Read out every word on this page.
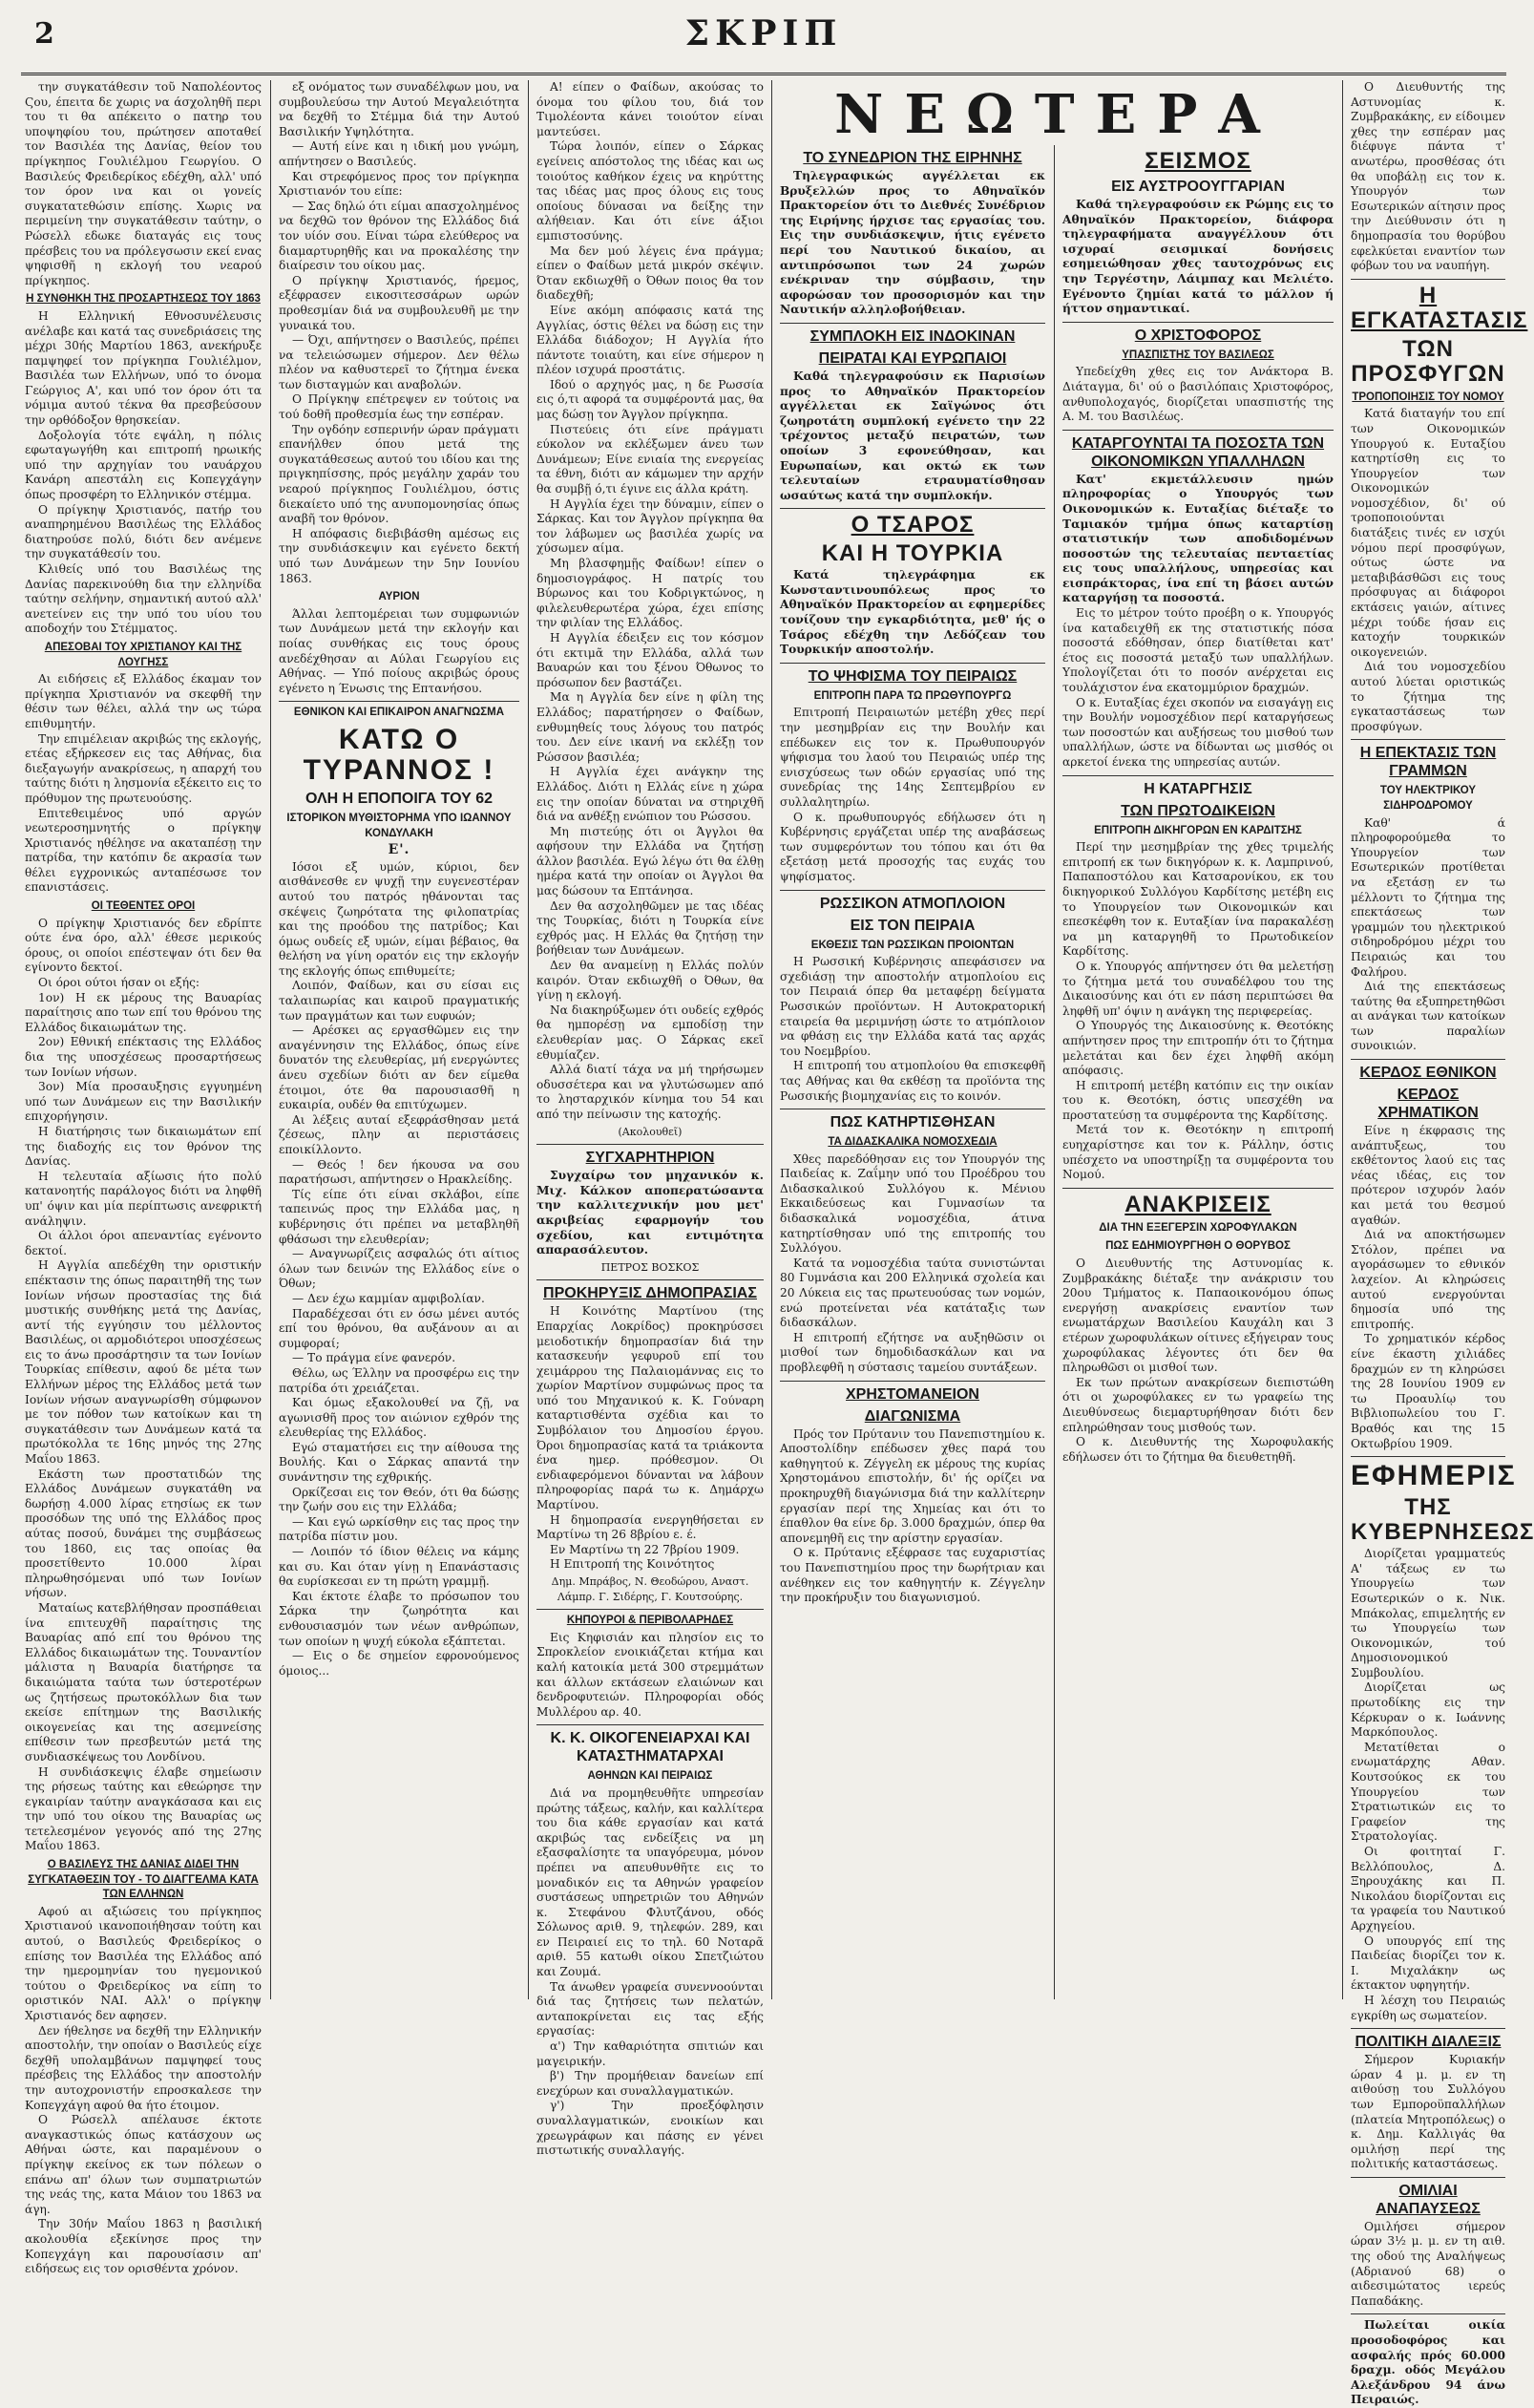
2	ΣΚΡΙΠ
ΝΕΩΤΕΡΑ

την συγκατάθεσιν τοῦ Ναπολέοντος Ϛου, έπειτα δε χωρις να άσχοληθῆ περι του τι θα απέκειτο ο πατηρ του υποψηφίου του, πρώτησεν αποταθεί τον Βασιλέα της Δανίας, θείον του πρίγκηπος Γουλιέλμου Γεωργίου. Ο Βασιλεύς Φρειδερίκος εδέχθη, αλλ' υπό τον όρον ινα και οι γονείς συγκατατεθώσιν επίσης. Χωρις να περιμείνη την συγκατάθεσιν ταύτην, ο Ρώσελλ εδωκε διαταγάς εις τους πρέσβεις του να πρόλεγσωσιν εκεί ενας ψηφισθῆ η εκλογή του νεαρού πρίγκηπος.

Η ΣΥΝΘΗΚΗ ΤΗΣ ΠΡΟΣΑΡΤΗΣΕΩΣ ΤΟΥ 1863

Η Ελληνική Εθνοσυνέλευσις ανέλαβε και κατά τας συνεδριάσεις της μέχρι 30ής Μαρτίου 1863, ανεκήρυξε παμψηφεί τον πρίγκηπα Γουλιέλμον, Βασιλέα των Ελλήνων, υπό το όνομα Γεώργιος Α', και υπό τον όρον ότι τα νόμιμα αυτού τέκνα θα πρεσβεύσουν την ορθόδοξον θρησκείαν.

Δοξολογία τότε εψάλη, η πόλις εφωταγωγήθη και επιτροπή ηρωικής υπό την αρχηγίαν του ναυάρχου Κανάρη απεστάλη εις Κοπεγχάγην όπως προσφέρη το Ελληνικόν στέμμα.

Ο πρίγκηψ Χριστιανός, πατήρ του αναπηρημένου Βασιλέως της Ελλάδος διατηρούσε πολύ, διότι δεν ανέμενε την συγκατάθεσίν του.

Κλιθείς υπό του Βασιλέως της Δανίας παρεκινούθη δια την ελληνίδα ταύτην σελήνην, σημαντική αυτού αλλ' ανετείνεν εις την υπό του υίου του αποδοχήν του Στέμματος.

ΑΠΕΣΟΒΑΙ ΤΟΥ ΧΡΙΣΤΙΑΝΟΥ ΚΑΙ ΤΗΣ ΛΟΥΓΗΣΣ

Αι ειδήσεις εξ Ελλάδος έκαμαν τον πρίγκηπα Χριστιανόν να σκεφθῆ την θέσιν των θέλει, αλλά την ως τώρα επιθυμητήν.

Την επιμέλειαν ακριβώς της εκλογής, ετέας εξήρκεσεν εις τας Αθήνας, δια διεξαγωγήν ανακρίσεως, η απαρχή του ταύτης διότι η λησμονία εξέκειτο εις το πρόθυμον της πρωτευούσης.

Επιτεθειμένος υπό αργών νεωτεροσημνητής ο πρίγκηψ Χριστιανός ηθέλησε να ακαταπέσῃ την πατρίδα, την κατόπιν δε ακρασία των θέλει εγχρονικώς ανταπέσωσε τον επανιστάσεις.

ΟΙ ΤΕΘΕΝΤΕΣ ΟΡΟΙ

Ο πρίγκηψ Χριστιανός δεν εδρίπτε ούτε ένα όρο, αλλ' έθεσε μερικούς όρους, οι οποίοι επέστεψαν ότι δεν θα εγίνοντο δεκτοί.

Οι όροι ούτοι ήσαν οι εξής:

1ον) Η εκ μέρους της Βαυαρίας παραίτησις απο των επί του θρόνου της Ελλάδος δικαιωμάτων της.

2ον) Εθνική επέκτασις της Ελλάδος δια της υποσχέσεως προσαρτήσεως των Ιονίων νήσων.

3ον) Μία προσαυξησις εγγυημένη υπό των Δυνάμεων εις την Βασιλικήν επιχορήγησιν.

Η διατήρησις των δικαιωμάτων επί της διαδοχής εις τον θρόνον της Δανίας.

Η τελευταία αξίωσις ήτο πολύ κατανοητής παράλογος διότι να ληφθῆ υπ' όψιν και μία περίπτωσις ανεφρικτή ανάληψιν.

Οι άλλοι όροι απεναντίας εγένοντο δεκτοί.

Η Αγγλία απεδέχθη την οριστικήν επέκτασιν της όπως παραιτηθῆ της των Ιονίων νήσων προστασίας της διά μυστικής συνθήκης μετά της Δανίας, αντί τής εγγύησιν του μέλλοντος Βασιλέως, οι αρμοδιότεροι υποσχέσεως εις το άνω προσάρτησιν τα των Ιονίων Τουρκίας επίθεσιν, αφού δε μέτα των Ελλήνων μέρος της Ελλάδος μετά των Ιονίων νήσων αναγνωρίσθη σύμφωνον με τον πόθον των κατοίκων και τη συγκατάθεσιν των Δυνάμεων κατά τα πρωτόκολλα τε 16ης μηνός της 27ης Μαΐου 1863.

Εκάστη των προστατιδών της Ελλάδος Δυνάμεων συγκατάθη να δωρήσῃ 4.000 λίρας ετησίως εκ των προσόδων της υπό της Ελλάδος προς αύτας ποσού, δυνάμει της συμβάσεως του 1860, εις τας οποίας θα προσετίθεντο 10.000 λίραι πληρωθησόμεναι υπό των Ιονίων νήσων.

Ματαίως κατεβλήθησαν προσπάθειαι ίνα επιτευχθῆ παραίτησις της Βαυαρίας από επί του θρόνου της Ελλάδος δικαιωμάτων της. Τουναντίον μάλιστα η Βαυαρία διατήρησε τα δικαιώματα ταύτα των ύστεροτέρων ως ζητήσεως πρωτοκόλλων δια των εκείσε επίτημων της Βασιλικής οικογενείας και της ασεμνείσης επίθεσιν των πρεσβευτών μετά της συνδιασκέψεως του Λονδίνου.

Η συνδιάσκεψις έλαβε σημείωσιν της ρήσεως ταύτης και εθεώρησε την εγκαιρίαν ταύτην αναγκάσασα και εις την υπό του οίκου της Βαυαρίας ως τετελεσμένον γεγονός από της 27ης Μαΐου 1863.

Ο ΒΑΣΙΛΕΥΣ ΤΗΣ ΔΑΝΙΑΣ ΔΙΔΕΙ ΤΗΝ ΣΥΓΚΑΤΑΘΕΣΙΝ ΤΟΥ - ΤΟ ΔΙΑΓΓΕΛΜΑ ΚΑΤΑ ΤΩΝ ΕΛΛΗΝΩΝ

Αφού αι αξιώσεις του πρίγκηπος Χριστιανού ικανοποιήθησαν τούτη και αυτού, ο Βασιλεύς Φρειδερίκος ο επίσης τον Βασιλέα της Ελλάδος από την ημερομηνίαν του ηγεμονικού τούτου ο Φρειδερίκος να είπη το οριστικόν ΝΑΙ. Αλλ' ο πρίγκηψ Χριστιανός δεν αφησεν.

Δεν ήθελησε να δεχθῆ την Ελληνικήν αποστολήν, την οποίαν ο Βασιλεύς είχε δεχθῆ υπολαμβάνων παμψηφεί τους πρέσβεις της Ελλάδος την αποστολήν την αυτοχρονιστήν επροσκαλεσε την Κοπεγχάγη αφού θα ήτο έτοιμον.

Ο Ρώσελλ απέλαυσε έκτοτε αναγκαστικώς όπως κατάσχουν ως Αθήναι ώστε, και παραμένουν ο πρίγκηψ εκείνος εκ των πόλεων ο επάνω απ' όλων των συμπατριωτών της νεάς της, κατα Μάιον του 1863 να άγη.

Την 30ήν Μαΐου 1863 η βασιλική ακολουθία εξεκίνησε προς την Κοπεγχάγη και παρουσίασιν απ' ειδήσεως εις τον ορισθέντα χρόνον.

εξ ονόματος των συναδέλφων μου, να συμβουλεύσω την Αυτού Μεγαλειότητα να δεχθῆ το Στέμμα διά την Αυτού Βασιλικήν Υψηλότητα.

— Αυτή είνε και η ιδική μου γνώμη, απήντησεν ο Βασιλεύς.

Και στρεφόμενος προς τον πρίγκηπα Χριστιανόν του είπε:

— Σας δηλώ ότι είμαι απασχολημένος να δεχθῶ τον θρόνον της Ελλάδος διά τον υίόν σου. Είναι τώρα ελεύθερος να διαμαρτυρηθῆς και να προκαλέσης την διαίρεσιν του οίκου μας.

Ο πρίγκηψ Χριστιανός, ήρεμος, εξέφρασεν εικοσιτεσσάρων ωρών προθεσμίαν διά να συμβουλευθῆ με την γυναικά του.

— Όχι, απήντησεν ο Βασιλεύς, πρέπει να τελειώσωμεν σήμερον. Δεν θέλω πλέον να καθυστερεῖ το ζήτημα ένεκα των δισταγμών και αναβολών.

Ο Πρίγκηψ επέτρεψεν εν τούτοις να τού δοθῆ προθεσμία έως την εσπέραν.

Την ογδόην εσπερινήν ώραν πράγματι επανήλθεν όπου μετά της συγκατάθεσεως αυτού του ιδίου και της πριγκηπίσσης, πρός μεγάλην χαράν του νεαρού πρίγκηπος Γουλιέλμου, όστις διεκαίετο υπό της ανυπομονησίας όπως αναβῆ τον θρόνον.

Η απόφασις διεβιβάσθη αμέσως εις την συνδιάσκεψιν και εγένετο δεκτή υπό των Δυνάμεων την 5ην Ιουνίου 1863.

ΑΥΡΙΟΝ

Άλλαι λεπτομέρειαι των συμφωνιών των Δυνάμεων μετά την εκλογήν και ποίας συνθήκας εις τους όρους ανεδέχθησαν αι Αύλαι Γεωργίου εις Αθήνας. — Υπό ποίους ακριβώς όρους εγένετο η Ένωσις της Επτανήσου.

ΕΘΝΙΚΟΝ ΚΑΙ ΕΠΙΚΑΙΡΟΝ ΑΝΑΓΝΩΣΜΑ
ΚΑΤΩ Ο ΤΥΡΑΝΝΟΣ !
ΟΛΗ Η ΕΠΟΠΟΙΓΑ ΤΟΥ 62
ΙΣΤΟΡΙΚΟΝ ΜΥΘΙΣΤΟΡΗΜΑ ΥΠΟ ΙΩΑΝΝΟΥ ΚΟΝΔΥΛΑΚΗ
Ε'.

Ιόσοι εξ υμών, κύριοι, δεν αισθάνεσθε εν ψυχῇ την ευγενεστέραν αυτού του πατρός ηθάνονται τας σκέψεις ζωηρότατα της φιλοπατρίας και της προόδου της πατρίδος; Και όμως ουδείς εξ υμών, είμαι βέβαιος, θα θελήση να γίνη ορατόν εις την εκλογήν της εκλογής όπως επιθυμείτε;

Λοιπόν, Φαίδων, και συ είσαι εις ταλαιπωρίας και καιροῦ πραγματικής των πραγμάτων και των ευφυών;

— Αρέσκει ας εργασθῶμεν εις την αναγέννησιν της Ελλάδος, όπως είνε δυνατόν της ελευθερίας, μή ενεργώντες άνευ σχεδίων διότι αν δεν είμεθα έτοιμοι, ότε θα παρουσιασθῆ η ευκαιρία, ουδέν θα επιτύχωμεν.

Αι λέξεις αυταί εξεφράσθησαν μετά ζέσεως, πλην αι περιστάσεις εποικίλλοντο.

— Θεός ! δεν ήκουσα να σου παρατήσωσι, απήντησεν ο Ηρακλείδης.

Τίς είπε ότι είναι σκλάβοι, είπε ταπεινώς προς την Ελλάδα μας, η κυβέρνησις ότι πρέπει να μεταβληθῆ φθάσωσι την ελευθερίαν;

— Αναγνωρίζεις ασφαλώς ότι αίτιος όλων των δεινών της Ελλάδος είνε ο Όθων;

— Δεν έχω καμμίαν αμφιβολίαν.

Παραδέχεσαι ότι εν όσω μένει αυτός επί του θρόνου, θα αυξάνουν αι αι συμφοραί;

— Το πράγμα είνε φανερόν.

Θέλω, ως Έλλην να προσφέρω εις την πατρίδα ότι χρειάζεται.

Και όμως εξακολουθεί να ζῇ, να αγωνισθῆ προς τον αιώνιον εχθρόν της ελευθερίας της Ελλάδος.

Εγώ σταματήσει εις την αίθουσα της Βουλής. Και ο Σάρκας απαντά την συνάντησιν της εχθρικής.

Ορκίζεσαι εις τον Θεόν, ότι θα δώσῃς την ζωήν σου εις την Ελλάδα;

— Και εγώ ωρκίσθην εις τας προς την πατρίδα πίστιν μου.

— Λοιπόν τό ίδιον θέλεις να κάμης και συ. Και όταν γίνῃ η Επανάστασις θα ευρίσκεσαι εν τη πρώτη γραμμῇ.

Και έκτοτε έλαβε το πρόσωπον του Σάρκα την ζωηρότητα και ενθουσιασμόν των νέων ανθρώπων, των οποίων η ψυχή εύκολα εξάπτεται.

— Εις ο δε σημείον εφρονούμενος όμοιος...

Α! είπεν ο Φαίδων, ακούσας το όνομα του φίλου του, διά τον Τιμολέοντα κάνει τοιούτον είναι μαντεύσει.

Τώρα λοιπόν, είπεν ο Σάρκας εγείνεις απόστολος της ιδέας και ως τοιούτος καθήκον έχεις να κηρύττης τας ιδέας μας προς όλους εις τους οποίους δύνασαι να δείξης την αλήθειαν. Και ότι είνε άξιοι εμπιστοσύνης.

Μα δεν μού λέγεις ένα πράγμα; είπεν ο Φαίδων μετά μικρόν σκέψιν. Όταν εκδιωχθῆ ο Όθων ποιος θα τον διαδεχθῆ;

Είνε ακόμη απόφασις κατά της Αγγλίας, όστις θέλει να δώσῃ εις την Ελλάδα διάδοχον; Η Αγγλία ήτο πάντοτε τοιαύτη, και είνε σήμερον η πλέον ισχυρά προστάτις.

Ιδού ο αρχηγός μας, η δε Ρωσσία εις ό,τι αφορά τα συμφέροντά μας, θα μας δώσῃ τον Άγγλον πρίγκηπα.

Πιστεύεις ότι είνε πράγματι εύκολον να εκλέξωμεν άνευ των Δυνάμεων; Είνε ενιαία της ενεργείας τα έθνη, διότι αν κάμωμεν την αρχήν θα συμβῇ ό,τι έγινε εις άλλα κράτη.

Η Αγγλία έχει την δύναμιν, είπεν ο Σάρκας. Και τον Άγγλον πρίγκηπα θα τον λάβωμεν ως βασιλέα χωρίς να χύσωμεν αίμα.

Μη βλασφημῇς Φαίδων! είπεν ο δημοσιογράφος. Η πατρίς του Βύρωνος και του Κοδριγκτώνος, η φιλελευθερωτέρα χώρα, έχει επίσης την φιλίαν της Ελλάδος.

Η Αγγλία έδειξεν εις τον κόσμον ότι εκτιμᾶ την Ελλάδα, αλλά των Βαυαρών και του ξένου Όθωνος το πρόσωπον δεν βαστάζει.

Μα η Αγγλία δεν είνε η φίλη της Ελλάδος; παρατήρησεν ο Φαίδων, ενθυμηθείς τους λόγους του πατρός του. Δεν είνε ικανή να εκλέξῃ τον Ρώσσον βασιλέα;

Η Αγγλία έχει ανάγκην της Ελλάδος. Διότι η Ελλάς είνε η χώρα εις την οποίαν δύναται να στηριχθῆ διά να ανθέξῃ ενώπιον του Ρώσσου.

Μη πιστεύῃς ότι οι Άγγλοι θα αφήσουν την Ελλάδα να ζητήσῃ άλλον βασιλέα. Εγώ λέγω ότι θα έλθῃ ημέρα κατά την οποίαν οι Άγγλοι θα μας δώσουν τα Επτάνησα.

Δεν θα ασχοληθῶμεν με τας ιδέας της Τουρκίας, διότι η Τουρκία είνε εχθρός μας. Η Ελλάς θα ζητήσῃ την βοήθειαν των Δυνάμεων.

Δεν θα αναμείνῃ η Ελλάς πολύν καιρόν. Όταν εκδιωχθῆ ο Όθων, θα γίνῃ η εκλογή.

Να διακηρύξωμεν ότι ουδείς εχθρός θα ημπορέσῃ να εμποδίσῃ την ελευθερίαν μας. Ο Σάρκας εκεῖ εθυμίαζεν.

Αλλά διατί τάχα να μή τηρήσωμεν οδυσσέτερα και να γλυτώσωμεν από το λησταρχικόν κίνημα του 54 και από την πείνωσιν της κατοχής.

(Ακολουθεῖ)
ΣΥΓΧΑΡΗΤΗΡΙΟΝ

Συγχαίρω τον μηχανικόν κ. Μιχ. Κάλκον αποπερατώσαντα την καλλιτεχνικήν μου μετ' ακριβείας εφαρμογήν του σχεδίου, και εντιμότητα απαρασάλευτον.

ΠΕΤΡΟΣ ΒΟΣΚΟΣ
ΠΡΟΚΗΡΥΞΙΣ ΔΗΜΟΠΡΑΣΙΑΣ

Η Κοινότης Μαρτίνου (της Επαρχίας Λοκρίδος) προκηρύσσει μειοδοτικήν δημοπρασίαν διά την κατασκευήν γεφυροῦ επί του χειμάρρου της Παλαιομάννας εις το χωρίον Μαρτίνον συμφώνως προς τα υπό του Μηχανικού κ. Κ. Γούναρη καταρτισθέντα σχέδια και το Συμβόλαιον του Δημοσίου έργου. Όροι δημοπρασίας κατά τα τριάκοντα ένα ημερ. πρόθεσμον. Οι ενδιαφερόμενοι δύνανται να λάβουν πληροφορίας παρά τω κ. Δημάρχω Μαρτίνου.

Η δημοπρασία ενεργηθήσεται εν Μαρτίνω τη 26 8βρίου ε. έ.

Εν Μαρτίνω τη 22 7βρίου 1909.

Η Επιτροπή της Κοινότητος

Δημ. Μπράβος, Ν. Θεοδώρου, Αναστ. Λάμπρ. Γ. Σιδέρης, Γ. Κουτσούρης.
ΚΗΠΟΥΡΟΙ & ΠΕΡΙΒΟΛΑΡΗΔΕΣ

Εις Κηφισιάν και πλησίον εις το Σπροκλείον ενοικιάζεται κτήμα και καλή κατοικία μετά 300 στρεμμάτων και άλλων εκτάσεων ελαιώνων και δενδροφυτειών. Πληροφορίαι οδός Μυλλέρου αρ. 40.

Κ. Κ. ΟΙΚΟΓΕΝΕΙΑΡΧΑΙ ΚΑΙ ΚΑΤΑΣΤΗΜΑΤΑΡΧΑΙ
ΑΘΗΝΩΝ ΚΑΙ ΠΕΙΡΑΙΩΣ

Διά να προμηθευθῆτε υπηρεσίαν πρώτης τάξεως, καλήν, και καλλίτερα του δια κάθε εργασίαν και κατά ακριβώς τας ενδείξεις να μη εξασφαλίσητε τα υπαγόρευμα, μόνον πρέπει να απευθυνθῆτε εις το μοναδικόν εις τα Αθηνών γραφείον συστάσεως υπηρετριῶν του Αθηνών κ. Στεφάνου Φλυτζάνου, οδός Σόλωνος αριθ. 9, τηλεφών. 289, και εν Πειραιεί εις το τηλ. 60 Νοταρᾶ αριθ. 55 κατωθι οίκου Σπετζιώτου και Ζουμά.

Τα άνωθεν γραφεία συνεννοούνται διά τας ζητήσεις των πελατών, ανταποκρίνεται εις τας εξής εργασίας:

α') Την καθαριότητα σπιτιών και μαγειρικήν.

β') Την προμήθειαν δανείων επί ενεχύρων και συναλλαγματικών.

γ') Την προεξόφλησιν συναλλαγματικών, ενοικίων και χρεωγράφων και πάσης εν γένει πιστωτικής συναλλαγής.

ΤΟ ΣΥΝΕΔΡΙΟΝ ΤΗΣ ΕΙΡΗΝΗΣ

Τηλεγραφικώς αγγέλλεται εκ Βρυξελλών προς το Αθηναϊκόν Πρακτορείον ότι το Διεθνές Συνέδριον της Ειρήνης ήρχισε τας εργασίας του. Εις την συνδιάσκεψιν, ήτις εγένετο περί του Ναυτικού δικαίου, αι αντιπρόσωποι των 24 χωρών ενέκριναν την σύμβασιν, την αφορώσαν τον προσορισμόν και την Ναυτικήν αλληλοβοήθειαν.

ΣΥΜΠΛΟΚΗ ΕΙΣ ΙΝΔΟΚΙΝΑΝ
ΠΕΙΡΑΤΑΙ ΚΑΙ ΕΥΡΩΠΑΙΟΙ

Καθά τηλεγραφούσιν εκ Παρισίων προς το Αθηναϊκόν Πρακτορείον αγγέλλεται εκ Σαϊγώνος ότι ζωηροτάτη συμπλοκή εγένετο την 22 τρέχοντος μεταξύ πειρατών, των οποίων 3 εφονεύθησαν, και Ευρωπαίων, και οκτώ εκ των τελευταίων ετραυματίσθησαν ωσαύτως κατά την συμπλοκήν.

Ο ΤΣΑΡΟΣ
ΚΑΙ Η ΤΟΥΡΚΙΑ

Κατά τηλεγράφημα εκ Κωνσταντινουπόλεως προς το Αθηναϊκόν Πρακτορείον αι εφημερίδες τονίζουν την εγκαρδιότητα, μεθ' ής ο Τσάρος εδέχθη την Λεδόζεαν του Τουρκικήν αποστολήν.

ΤΟ ΨΗΦΙΣΜΑ ΤΟΥ ΠΕΙΡΑΙΩΣ
ΕΠΙΤΡΟΠΗ ΠΑΡΑ ΤΩ ΠΡΩΘΥΠΟΥΡΓΩ

Επιτροπή Πειραιωτών μετέβη χθες περί την μεσημβρίαν εις την Βουλήν και επέδωκεν εις τον κ. Πρωθυπουργόν ψήφισμα του λαού του Πειραιώς υπέρ της ενισχύσεως των οδών εργασίας υπό της συνεδρίας της 14ης Σεπτεμβρίου εν συλλαλητηρίω.

Ο κ. πρωθυπουργός εδήλωσεν ότι η Κυβέρνησις εργάζεται υπέρ της αναβάσεως των συμφερόντων του τόπου και ότι θα εξετάσῃ μετά προσοχής τας ευχάς του ψηφίσματος.

ΡΩΣΣΙΚΟΝ ΑΤΜΟΠΛΟΙΟΝ
ΕΙΣ ΤΟΝ ΠΕΙΡΑΙΑ
ΕΚΘΕΣΙΣ ΤΩΝ ΡΩΣΣΙΚΩΝ ΠΡΟΙΟΝΤΩΝ

Η Ρωσσική Κυβέρνησις απεφάσισεν να σχεδιάσῃ την αποστολήν ατμοπλοίου εις τον Πειραιά όπερ θα μεταφέρῃ δείγματα Ρωσσικών προϊόντων. Η Αυτοκρατορική εταιρεία θα μεριμνήσῃ ώστε το ατμόπλοιον να φθάσῃ εις την Ελλάδα κατά τας αρχάς του Νοεμβρίου.

Η επιτροπή του ατμοπλοίου θα επισκεφθῆ τας Αθήνας και θα εκθέσῃ τα προϊόντα της Ρωσσικής βιομηχανίας εις το κοινόν.

ΠΩΣ ΚΑΤΗΡΤΙΣΘΗΣΑΝ
ΤΑ ΔΙΔΑΣΚΑΛΙΚΑ ΝΟΜΟΣΧΕΔΙΑ

Χθες παρεδόθησαν εις τον Υπουργόν της Παιδείας κ. Ζαΐμην υπό του Προέδρου του Διδασκαλικού Συλλόγου κ. Μένιου Εκκαιδεύσεως και Γυμνασίων τα διδασκαλικά νομοσχέδια, άτινα κατηρτίσθησαν υπό της επιτροπής του Συλλόγου.

Κατά τα νομοσχέδια ταύτα συνιστώνται 80 Γυμνάσια και 200 Ελληνικά σχολεία και 20 Λύκεια εις τας πρωτευούσας των νομών, ενώ προτείνεται νέα κατάταξις των διδασκάλων.

Η επιτροπή εζήτησε να αυξηθῶσιν οι μισθοί των δημοδιδασκάλων και να προβλεφθῆ η σύστασις ταμείου συντάξεων.

ΧΡΗΣΤΟΜΑΝΕΙΟΝ
ΔΙΑΓΩΝΙΣΜΑ

Πρός τον Πρύτανιν του Πανεπιστημίου κ. Αποστολίδην επέδωσεν χθες παρά του καθηγητού κ. Ζέγγελη εκ μέρους της κυρίας Χρηστομάνου επιστολήν, δι' ής ορίζει να προκηρυχθῆ διαγώνισμα διά την καλλίτερην εργασίαν περί της Χημείας και ότι το έπαθλον θα είνε δρ. 3.000 δραχμών, όπερ θα απονεμηθῆ εις την αρίστην εργασίαν.

Ο κ. Πρύτανις εξέφρασε τας ευχαριστίας του Πανεπιστημίου προς την δωρήτριαν και ανέθηκεν εις τον καθηγητήν κ. Ζέγγελην την προκήρυξιν του διαγωνισμού.

ΣΕΙΣΜΟΣ
ΕΙΣ ΑΥΣΤΡΟΟΥΓΓΑΡΙΑΝ

Καθά τηλεγραφούσιν εκ Ρώμης εις το Αθηναϊκόν Πρακτορείον, διάφορα τηλεγραφήματα αναγγέλλουν ότι ισχυραί σεισμικαί δονήσεις εσημειώθησαν χθες ταυτοχρόνως εις την Τεργέστην, Λάιμπαχ και Μελιέτο. Εγένοντο ζημίαι κατά το μάλλον ή ήττον σημαντικαί.

Ο ΧΡΙΣΤΟΦΟΡΟΣ
ΥΠΑΣΠΙΣΤΗΣ ΤΟΥ ΒΑΣΙΛΕΩΣ

Υπεδείχθη χθες εις τον Ανάκτορα Β. Διάταγμα, δι' ού ο βασιλόπαις Χριστοφόρος, ανθυπολοχαγός, διορίζεται υπασπιστής της Α. Μ. του Βασιλέως.

ΚΑΤΑΡΓΟΥΝΤΑΙ ΤΑ ΠΟΣΟΣΤΑ ΤΩΝ ΟΙΚΟΝΟΜΙΚΩΝ ΥΠΑΛΛΗΛΩΝ

Κατ' εκμετάλλευσιν ημών πληροφορίας ο Υπουργός των Οικονομικών κ. Ευταξίας διέταξε το Ταμιακόν τμήμα όπως καταρτίσῃ στατιστικήν των αποδιδομένων ποσοστών της τελευταίας πενταετίας εις τους υπαλλήλους, υπηρεσίας και εισπράκτορας, ίνα επί τη βάσει αυτών καταργήσῃ τα ποσοστά.

Εις το μέτρον τούτο προέβη ο κ. Υπουργός ίνα καταδειχθῆ εκ της στατιστικής πόσα ποσοστά εδόθησαν, όπερ διατίθεται κατ' έτος εις ποσοστά μεταξύ των υπαλλήλων. Υπολογίζεται ότι το ποσόν ανέρχεται εις τουλάχιστον ένα εκατομμύριον δραχμών.

Ο κ. Ευταξίας έχει σκοπόν να εισαγάγῃ εις την Βουλήν νομοσχέδιον περί καταργήσεως των ποσοστών και αυξήσεως του μισθού των υπαλλήλων, ώστε να δίδωνται ως μισθός οι αρκετοί ένεκα της υπηρεσίας αυτών.

Η ΚΑΤΑΡΓΗΣΙΣ
ΤΩΝ ΠΡΩΤΟΔΙΚΕΙΩΝ
ΕΠΙΤΡΟΠΗ ΔΙΚΗΓΟΡΩΝ ΕΝ ΚΑΡΔΙΤΣΗΣ

Περί την μεσημβρίαν της χθες τριμελής επιτροπή εκ των δικηγόρων κ. κ. Λαμπρινού, Παπαποστόλου και Κατσαρονίκου, εκ του δικηγορικού Συλλόγου Καρδίτσης μετέβη εις το Υπουργείον των Οικονομικών και επεσκέφθη τον κ. Ευταξίαν ίνα παρακαλέσῃ να μη καταργηθῆ το Πρωτοδικείον Καρδίτσης.

Ο κ. Υπουργός απήντησεν ότι θα μελετήσῃ το ζήτημα μετά του συναδέλφου του της Δικαιοσύνης και ότι εν πάση περιπτώσει θα ληφθῆ υπ' όψιν η ανάγκη της περιφερείας.

Ο Υπουργός της Δικαιοσύνης κ. Θεοτόκης απήντησεν προς την επιτροπήν ότι το ζήτημα μελετάται και δεν έχει ληφθῆ ακόμη απόφασις.

Η επιτροπή μετέβη κατόπιν εις την οικίαν του κ. Θεοτόκη, όστις υπεσχέθη να προστατεύσῃ τα συμφέροντα της Καρδίτσης.

Μετά τον κ. Θεοτόκην η επιτροπή ευηχαρίστησε και τον κ. Ράλλην, όστις υπέσχετο να υποστηρίξῃ τα συμφέροντα του Νομού.

ΑΝΑΚΡΙΣΕΙΣ
ΔΙΑ ΤΗΝ ΕΞΕΓΕΡΣΙΝ ΧΩΡΟΦΥΛΑΚΩΝ
ΠΩΣ ΕΔΗΜΙΟΥΡΓΗΘΗ Ο ΘΟΡΥΒΟΣ

Ο Διευθυντής της Αστυνομίας κ. Ζυμβρακάκης διέταξε την ανάκρισιν του 20ου Τμήματος κ. Παπαοικονόμου όπως ενεργήσῃ ανακρίσεις εναντίον των ενωματάρχων Βασιλείου Καυχάλη και 3 ετέρων χωροφυλάκων οίτινες εξήγειραν τους χωροφύλακας λέγοντες ότι δεν θα πληρωθῶσι οι μισθοί των.

Εκ των πρώτων ανακρίσεων διεπιστώθη ότι οι χωροφύλακες εν τω γραφείω της Διευθύνσεως διεμαρτυρήθησαν διότι δεν επληρώθησαν τους μισθούς των.

Ο κ. Διευθυντής της Χωροφυλακής εδήλωσεν ότι το ζήτημα θα διευθετηθῆ.

Ο Διευθυντής της Αστυνομίας κ. Ζυμβρακάκης, εν είδοιμεν χθες την εσπέραν μας διέφυγε πάντα τ' ανωτέρω, προσθέσας ότι θα υποβάλῃ εις τον κ. Υπουργόν των Εσωτερικών αίτησιν προς την Διεύθυνσιν ότι η δημοπρασία του θορύβου εφελκύεται εναντίον των φόβων του να ναυπήγη.

Η ΕΓΚΑΤΑΣΤΑΣΙΣ
ΤΩΝ ΠΡΟΣΦΥΓΩΝ
ΤΡΟΠΟΠΟΙΗΣΙΣ ΤΟΥ ΝΟΜΟΥ

Κατά διαταγήν του επί των Οικονομικών Υπουργού κ. Ευταξίου κατηρτίσθη εις το Υπουργείον των Οικονομικών νομοσχέδιον, δι' ού τροποποιούνται διατάξεις τινές εν ισχύι νόμου περί προσφύγων, ούτως ώστε να μεταβιβάσθῶσι εις τους πρόσφυγας αι διάφοροι εκτάσεις γαιών, αίτινες μέχρι τούδε ήσαν εις κατοχήν τουρκικών οικογενειών.

Διά του νομοσχεδίου αυτού λύεται οριστικώς το ζήτημα της εγκαταστάσεως των προσφύγων.

Η ΕΠΕΚΤΑΣΙΣ ΤΩΝ ΓΡΑΜΜΩΝ
ΤΟΥ ΗΛΕΚΤΡΙΚΟΥ ΣΙΔΗΡΟΔΡΟΜΟΥ

Καθ' ά πληροφορούμεθα το Υπουργείον των Εσωτερικών προτίθεται να εξετάσῃ εν τω μέλλοντι το ζήτημα της επεκτάσεως των γραμμών του ηλεκτρικού σιδηροδρόμου μέχρι του Πειραιώς και του Φαλήρου.

Διά της επεκτάσεως ταύτης θα εξυπηρετηθῶσι αι ανάγκαι των κατοίκων των παραλίων συνοικιών.

ΚΕΡΔΟΣ ΕΘΝΙΚΟΝ
ΚΕΡΔΟΣ ΧΡΗΜΑΤΙΚΟΝ

Είνε η έκφρασις της ανάπτυξεως, του εκθέτοντος λαού εις τας νέας ιδέας, εις τον πρότερον ισχυρόν λαόν και μετά του θεσμού αγαθών.

Διά να αποκτήσωμεν Στόλον, πρέπει να αγοράσωμεν το εθνικόν λαχείον. Αι κληρώσεις αυτού ενεργούνται δημοσία υπό της επιτροπής.

Το χρηματικόν κέρδος είνε έκαστη χιλιάδες δραχμών εν τη κληρώσει της 28 Ιουνίου 1909 εν τω Προαυλίῳ του Βιβλιοπωλείου του Γ. Βραθός και της 15 Οκτωβρίου 1909.

ΕΦΗΜΕΡΙΣ
ΤΗΣ ΚΥΒΕΡΝΗΣΕΩΣ

Διορίζεται γραμματεύς Α' τάξεως εν τω Υπουργείω των Εσωτερικών ο κ. Νικ. Μπάκολας, επιμελητής εν τω Υπουργείω των Οικονομικών, τού Δημοσιονομικού Συμβουλίου.

Διορίζεται ως πρωτοδίκης εις την Κέρκυραν ο κ. Ιωάννης Μαρκόπουλος.

Μετατίθεται ο ενωματάρχης Αθαν. Κουτσούκος εκ του Υπουργείου των Στρατιωτικών εις το Γραφείον της Στρατολογίας.

Οι φοιτηταί Γ. Βελλόπουλος, Δ. Ξηρουχάκης και Π. Νικολάου διορίζονται εις τα γραφεία του Ναυτικού Αρχηγείου.

Ο υπουργός επί της Παιδείας διορίζει τον κ. Ι. Μιχαλάκην ως έκτακτον υφηγητήν.

Η λέσχη του Πειραιώς εγκρίθη ως σωματείον.

ΠΟΛΙΤΙΚΗ ΔΙΑΛΕΞΙΣ

Σήμερον Κυριακήν ώραν 4 μ. μ. εν τη αιθούσῃ του Συλλόγου των Εμποροϋπαλλήλων (πλατεία Μητροπόλεως) ο κ. Δημ. Καλλιγάς θα ομιλήσῃ περί της πολιτικής καταστάσεως.

ΟΜΙΛΙΑΙ ΑΝΑΠΑΥΣΕΩΣ

Ομιλήσει σήμερον ώραν 3½ μ. μ. εν τη αιθ. της οδού της Αναλήψεως (Αδριανού 68) ο αιδεσιμώτατος ιερεύς Παπαδάκης.

Πωλείται οικία προσοδοφόρος και ασφαλής πρός 60.000 δραχμ. οδός Μεγάλου Αλεξάνδρου 94 άνω Πειραιώς.
